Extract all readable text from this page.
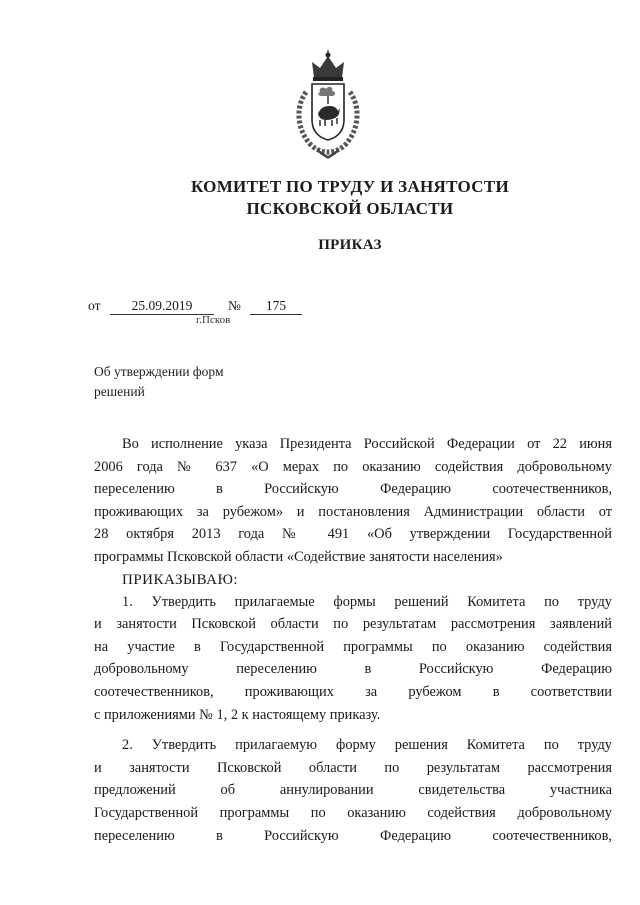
КОМИТЕТ ПО ТРУДУ И ЗАНЯТОСТИ
ПСКОВСКОЙ ОБЛАСТИ
ПРИКАЗ
от	25.09.2019	№	175
г.Псков
Об утверждении форм
решений

Во исполнение указа Президента Российской Федерации от 22 июня

2006 года № 637 «О мерах по оказанию содействия добровольному

переселению в Российскую Федерацию соотечественников,

проживающих за рубежом» и постановления Администрации области от

28 октября 2013 года № 491 «Об утверждении Государственной

программы Псковской области «Содействие занятости населения»

ПРИКАЗЫВАЮ:

1. Утвердить прилагаемые формы решений Комитета по труду

и занятости Псковской области по результатам рассмотрения заявлений

на участие в Государственной программы по оказанию содействия

добровольному переселению в Российскую Федерацию

соотечественников, проживающих за рубежом в соответствии

с приложениями № 1, 2 к настоящему приказу.

2. Утвердить прилагаемую форму решения Комитета по труду

и занятости Псковской области по результатам рассмотрения

предложений об аннулировании свидетельства участника

Государственной программы по оказанию содействия добровольному

переселению в Российскую Федерацию соотечественников,
